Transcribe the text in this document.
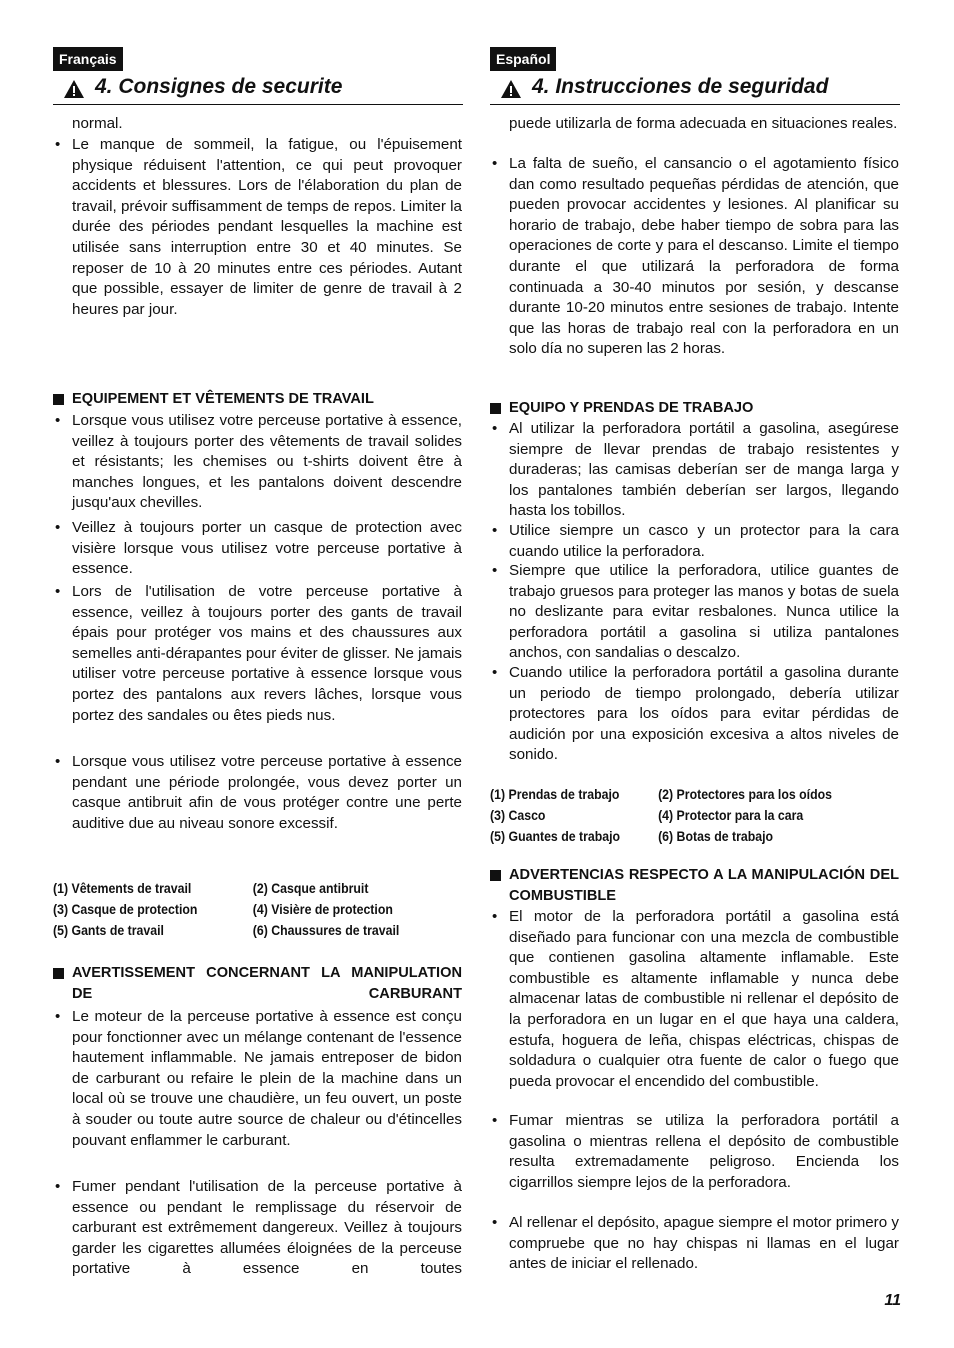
Français
4. Consignes de securite

normal.

• Le manque de sommeil, la fatigue, ou l'épuisement physique réduisent l'attention, ce qui peut provoquer accidents et blessures. Lors de l'élaboration du plan de travail, prévoir suffisamment de temps de repos. Limiter la durée des périodes pendant lesquelles la machine est utilisée sans interruption entre 30 et 40 minutes. Se reposer de 10 à 20 minutes entre ces périodes. Autant que possible, essayer de limiter de genre de travail à 2 heures par jour.

EQUIPEMENT ET VÊTEMENTS DE TRAVAIL
• Lorsque vous utilisez votre perceuse portative à essence, veillez à toujours porter des vêtements de travail solides et résistants; les chemises ou t-shirts doivent être à manches longues, et les pantalons doivent descendre jusqu'aux chevilles.

• Veillez à toujours porter un casque de protection avec visière lorsque vous utilisez votre perceuse portative à essence.

• Lors de l'utilisation de votre perceuse portative à essence, veillez à toujours porter des gants de travail épais pour protéger vos mains et des chaussures aux semelles anti-dérapantes pour éviter de glisser. Ne jamais utiliser votre perceuse portative à essence lorsque vous portez des pantalons aux revers lâches, lorsque vous portez des sandales ou êtes pieds nus.

• Lorsque vous utilisez votre perceuse portative à essence pendant une période prolongée, vous devez porter un casque antibruit afin de vous protéger contre une perte auditive due au niveau sonore excessif.

(1) Vêtements de travail	(2) Casque antibruit
(3) Casque de protection	(4) Visière de protection
(5) Gants de travail	(6) Chaussures de travail
AVERTISSEMENT CONCERNANT LA MANIPULATION DE CARBURANT
• Le moteur de la perceuse portative à essence est conçu pour fonctionner avec un mélange contenant de l'essence hautement inflammable. Ne jamais entreposer de bidon de carburant ou refaire le plein de la machine dans un local où se trouve une chaudière, un feu ouvert, un poste à souder ou toute autre source de chaleur ou d'étincelles pouvant enflammer le carburant.

• Fumer pendant l'utilisation de la perceuse portative à essence ou pendant le remplissage du réservoir de carburant est extrêmement dangereux. Veillez à toujours garder les cigarettes allumées éloignées de la perceuse portative à essence en toutes

Español
4. Instrucciones de seguridad

puede utilizarla de forma adecuada en situaciones reales.

• La falta de sueño, el cansancio o el agotamiento físico dan como resultado pequeñas pérdidas de atención, que pueden provocar accidentes y lesiones. Al planificar su horario de trabajo, debe haber tiempo de sobra para las operaciones de corte y para el descanso. Limite el tiempo durante el que utilizará la perforadora de forma continuada a 30-40 minutos por sesión, y descanse durante 10-20 minutos entre sesiones de trabajo. Intente que las horas de trabajo real con la perforadora en un solo día no superen las 2 horas.

EQUIPO Y PRENDAS DE TRABAJO
• Al utilizar la perforadora portátil a gasolina, asegúrese siempre de llevar prendas de trabajo resistentes y duraderas; las camisas deberían ser de manga larga y los pantalones también deberían ser largos, llegando hasta los tobillos.

• Utilice siempre un casco y un protector para la cara cuando utilice la perforadora.

• Siempre que utilice la perforadora, utilice guantes de trabajo gruesos para proteger las manos y botas de suela no deslizante para evitar resbalones. Nunca utilice la perforadora portátil a gasolina si utiliza pantalones anchos, con sandalias o descalzo.

• Cuando utilice la perforadora portátil a gasolina durante un periodo de tiempo prolongado, debería utilizar protectores para los oídos para evitar pérdidas de audición por una exposición excesiva a altos niveles de sonido.

(1) Prendas de trabajo	(2) Protectores para los oídos
(3) Casco	(4) Protector para la cara
(5) Guantes de trabajo	(6) Botas de trabajo
ADVERTENCIAS RESPECTO A LA MANIPULACIÓN DEL COMBUSTIBLE
• El motor de la perforadora portátil a gasolina está diseñado para funcionar con una mezcla de combustible que contienen gasolina altamente inflamable. Este combustible es altamente inflamable y nunca debe almacenar latas de combustible ni rellenar el depósito de la perforadora en un lugar en el que haya una caldera, estufa, hoguera de leña, chispas eléctricas, chispas de soldadura o cualquier otra fuente de calor o fuego que pueda provocar el encendido del combustible.

• Fumar mientras se utiliza la perforadora portátil a gasolina o mientras rellena el depósito de combustible resulta extremadamente peligroso. Encienda los cigarrillos siempre lejos de la perforadora.

• Al rellenar el depósito, apague siempre el motor primero y compruebe que no hay chispas ni llamas en el lugar antes de iniciar el rellenado.

11
